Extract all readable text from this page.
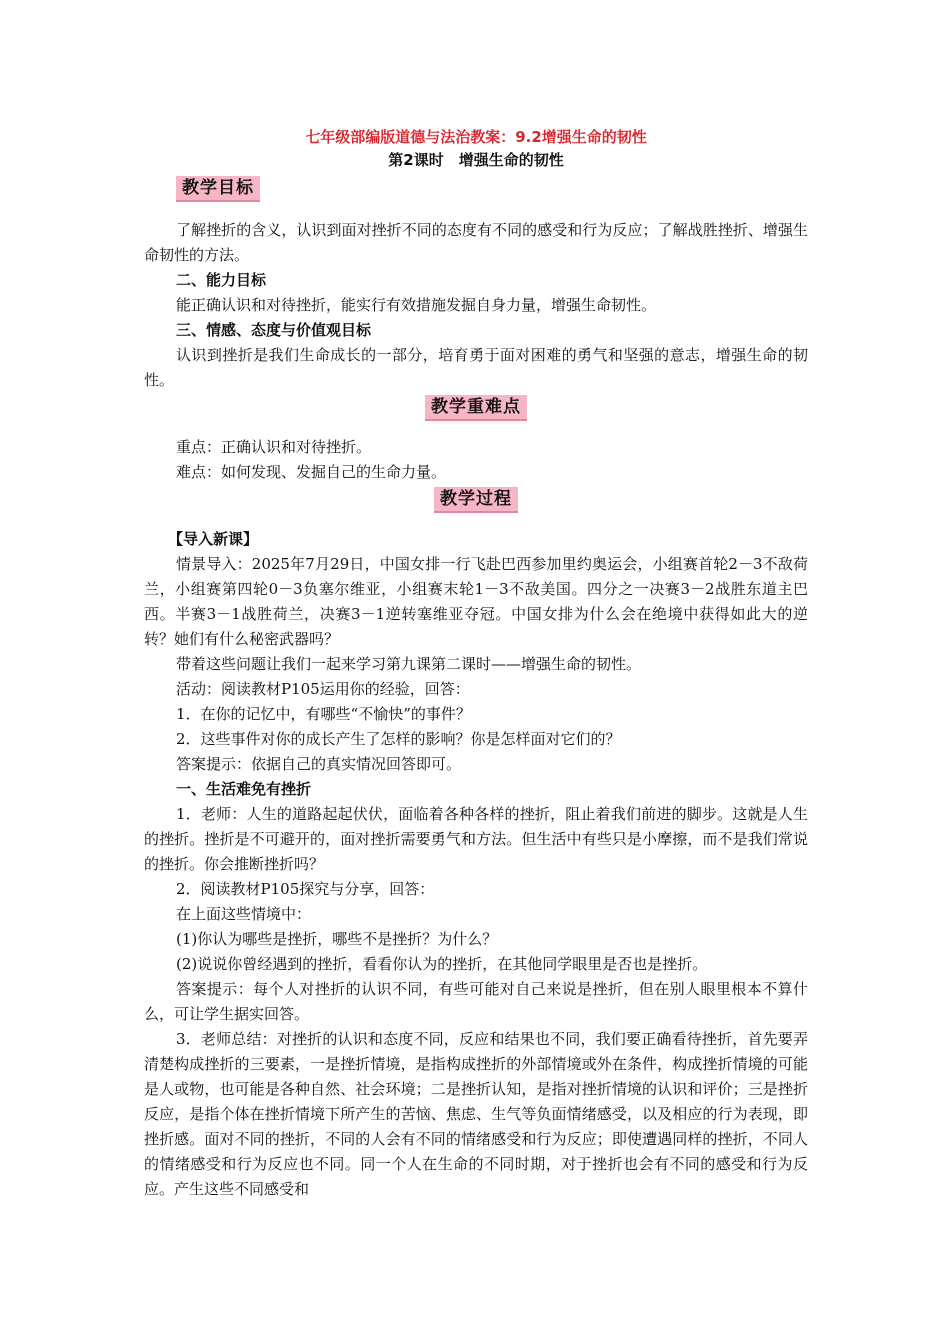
七年级部编版道德与法治教案：9.2增强生命的韧性

第2课时　增强生命的韧性

教学目标

了解挫折的含义，认识到面对挫折不同的态度有不同的感受和行为反应；了解战胜挫折、增强生命韧性的方法。

二、能力目标

能正确认识和对待挫折，能实行有效措施发掘自身力量，增强生命韧性。

三、情感、态度与价值观目标

认识到挫折是我们生命成长的一部分，培育勇于面对困难的勇气和坚强的意志，增强生命的韧性。

教学重难点

重点：正确认识和对待挫折。

难点：如何发现、发掘自己的生命力量。

教学过程

【导入新课】

情景导入：2025年7月29日，中国女排一行飞赴巴西参加里约奥运会，小组赛首轮2－3不敌荷兰，小组赛第四轮0－3负塞尔维亚，小组赛末轮1－3不敌美国。四分之一决赛3－2战胜东道主巴西。半赛3－1战胜荷兰，决赛3－1逆转塞维亚夺冠。中国女排为什么会在绝境中获得如此大的逆转？她们有什么秘密武器吗？

带着这些问题让我们一起来学习第九课第二课时——增强生命的韧性。

活动：阅读教材P105运用你的经验，回答：

1．在你的记忆中，有哪些“不愉快”的事件？

2．这些事件对你的成长产生了怎样的影响？你是怎样面对它们的？

答案提示：依据自己的真实情况回答即可。

一、生活难免有挫折

1．老师：人生的道路起起伏伏，面临着各种各样的挫折，阻止着我们前进的脚步。这就是人生的挫折。挫折是不可避开的，面对挫折需要勇气和方法。但生活中有些只是小摩擦，而不是我们常说的挫折。你会推断挫折吗？

2．阅读教材P105探究与分享，回答：

在上面这些情境中：

(1)你认为哪些是挫折，哪些不是挫折？为什么？

(2)说说你曾经遇到的挫折，看看你认为的挫折，在其他同学眼里是否也是挫折。

答案提示：每个人对挫折的认识不同，有些可能对自己来说是挫折，但在别人眼里根本不算什么，可让学生据实回答。

3．老师总结：对挫折的认识和态度不同，反应和结果也不同，我们要正确看待挫折，首先要弄清楚构成挫折的三要素，一是挫折情境，是指构成挫折的外部情境或外在条件，构成挫折情境的可能是人或物，也可能是各种自然、社会环境；二是挫折认知，是指对挫折情境的认识和评价；三是挫折反应，是指个体在挫折情境下所产生的苦恼、焦虑、生气等负面情绪感受，以及相应的行为表现，即挫折感。面对不同的挫折，不同的人会有不同的情绪感受和行为反应；即使遭遇同样的挫折，不同人的情绪感受和行为反应也不同。同一个人在生命的不同时期，对于挫折也会有不同的感受和行为反应。产生这些不同感受和
